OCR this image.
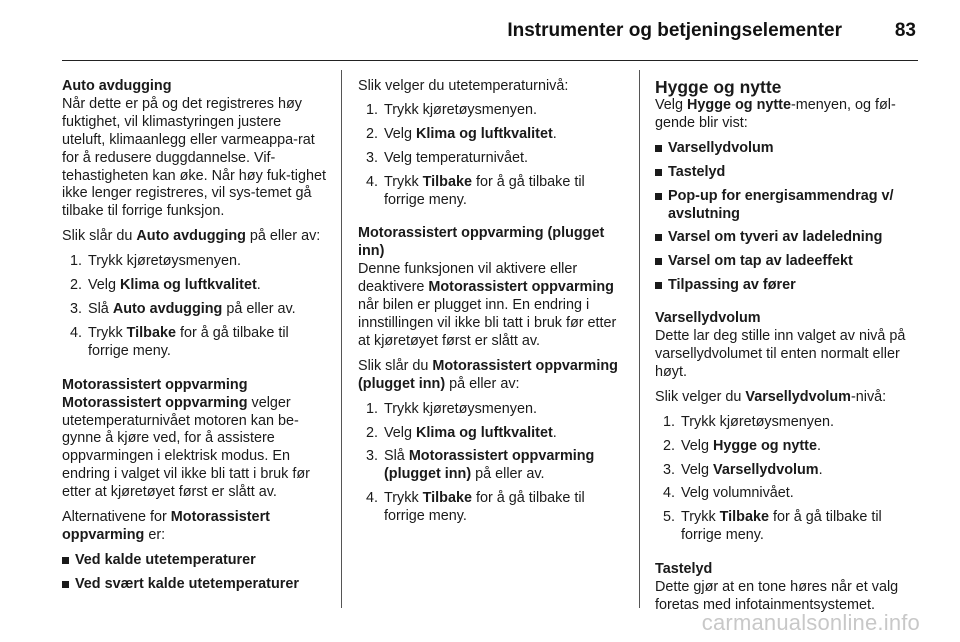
Instrumenter og betjeningselementer	83

Auto avdugging

Når dette er på og det registreres høy fuktighet, vil klimastyringen justere uteluft, klimaanlegg eller varmeappa-rat for å redusere duggdannelse. Vif-tehastigheten kan øke. Når høy fuk-tighet ikke lenger registreres, vil sys-temet gå tilbake til forrige funksjon.

Slik slår du Auto avdugging på eller av:

1. Trykk kjøretøysmenyen.
2. Velg Klima og luftkvalitet.
3. Slå Auto avdugging på eller av.
4. Trykk Tilbake for å gå tilbake til forrige meny.

Motorassistert oppvarming

Motorassistert oppvarming velger utetemperaturnivået motoren kan be-gynne å kjøre ved, for å assistere oppvarmingen i elektrisk modus. En endring i valget vil ikke bli tatt i bruk før etter at kjøretøyet først er slått av.

Alternativene for Motorassistert oppvarming er:

Ved kalde utetemperaturer
Ved svært kalde utetemperaturer

Slik velger du utetemperaturnivå:

1. Trykk kjøretøysmenyen.
2. Velg Klima og luftkvalitet.
3. Velg temperaturnivået.
4. Trykk Tilbake for å gå tilbake til forrige meny.

Motorassistert oppvarming (plugget inn)

Denne funksjonen vil aktivere eller deaktivere Motorassistert oppvarming når bilen er plugget inn. En endring i innstillingen vil ikke bli tatt i bruk før etter at kjøretøyet først er slått av.

Slik slår du Motorassistert oppvarming (plugget inn) på eller av:

1. Trykk kjøretøysmenyen.
2. Velg Klima og luftkvalitet.
3. Slå Motorassistert oppvarming (plugget inn) på eller av.
4. Trykk Tilbake for å gå tilbake til forrige meny.

Hygge og nytte

Velg Hygge og nytte-menyen, og føl-gende blir vist:

Varsellydvolum
Tastelyd
Pop-up for energisammendrag v/ avslutning
Varsel om tyveri av ladeledning
Varsel om tap av ladeeffekt
Tilpassing av fører

Varsellydvolum

Dette lar deg stille inn valget av nivå på varsellydvolumet til enten normalt eller høyt.

Slik velger du Varsellydvolum-nivå:

1. Trykk kjøretøysmenyen.
2. Velg Hygge og nytte.
3. Velg Varsellydvolum.
4. Velg volumnivået.
5. Trykk Tilbake for å gå tilbake til forrige meny.

Tastelyd

Dette gjør at en tone høres når et valg foretas med infotainmentsystemet.

carmanualsonline.info
